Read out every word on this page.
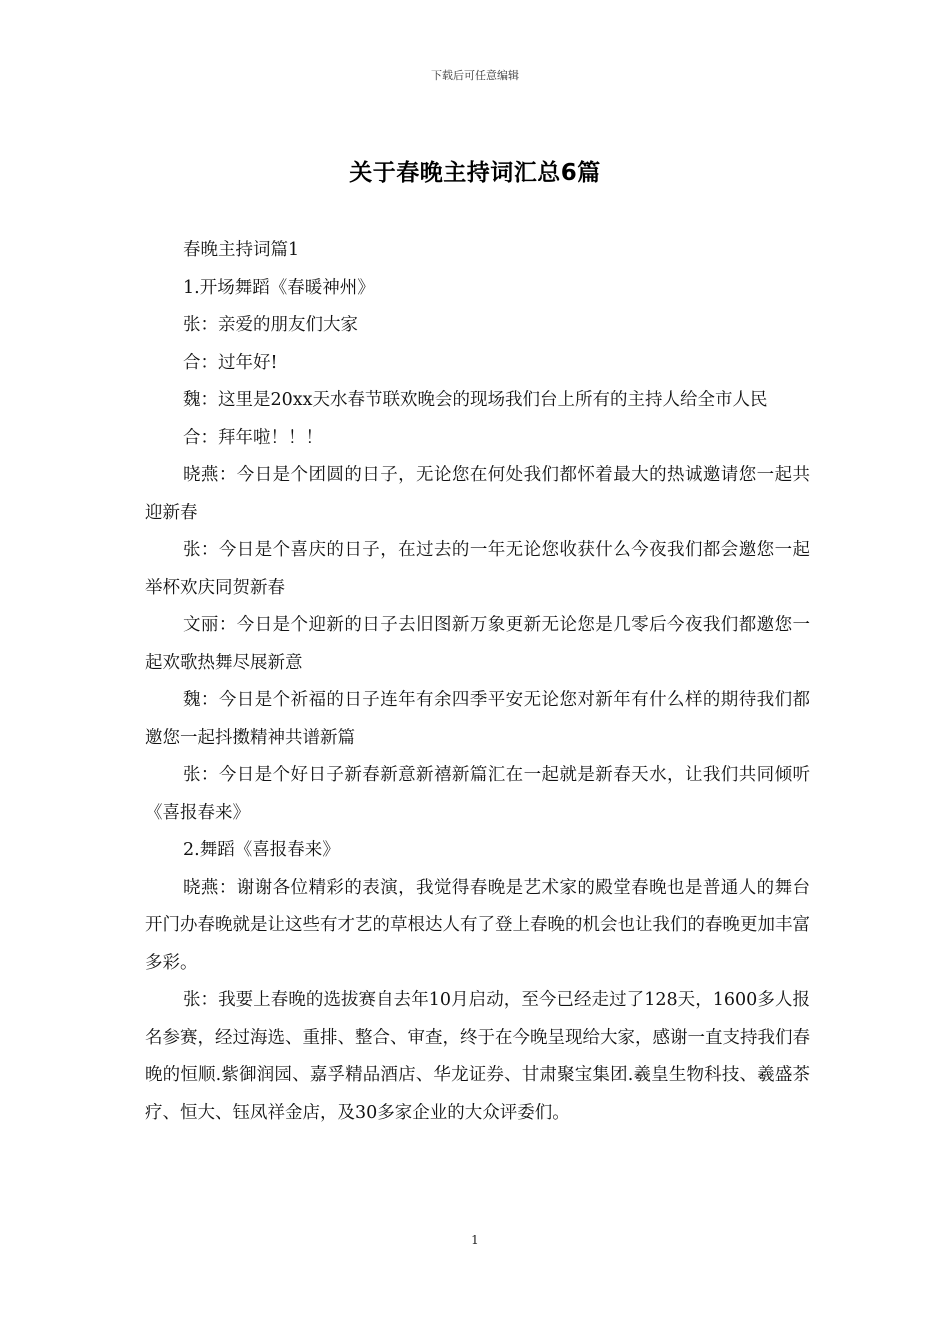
下载后可任意编辑
关于春晚主持词汇总6篇

春晚主持词篇1

1.开场舞蹈《春暖神州》

张：亲爱的朋友们大家

合：过年好!

魏：这里是20xx天水春节联欢晚会的现场我们台上所有的主持人给全市人民

合：拜年啦！！！

晓燕：今日是个团圆的日子，无论您在何处我们都怀着最大的热诚邀请您一起共迎新春

张：今日是个喜庆的日子，在过去的一年无论您收获什么今夜我们都会邀您一起举杯欢庆同贺新春

文丽：今日是个迎新的日子去旧图新万象更新无论您是几零后今夜我们都邀您一起欢歌热舞尽展新意

魏：今日是个祈福的日子连年有余四季平安无论您对新年有什么样的期待我们都邀您一起抖擞精神共谱新篇

张：今日是个好日子新春新意新禧新篇汇在一起就是新春天水，让我们共同倾听《喜报春来》

2.舞蹈《喜报春来》

晓燕：谢谢各位精彩的表演，我觉得春晚是艺术家的殿堂春晚也是普通人的舞台开门办春晚就是让这些有才艺的草根达人有了登上春晚的机会也让我们的春晚更加丰富多彩。

张：我要上春晚的选拔赛自去年10月启动，至今已经走过了128天，1600多人报名参赛，经过海选、重排、整合、审查，终于在今晚呈现给大家，感谢一直支持我们春晚的恒顺.紫御润园、嘉孚精品酒店、华龙证券、甘肃聚宝集团.羲皇生物科技、羲盛茶疗、恒大、钰凤祥金店，及30多家企业的大众评委们。

1
